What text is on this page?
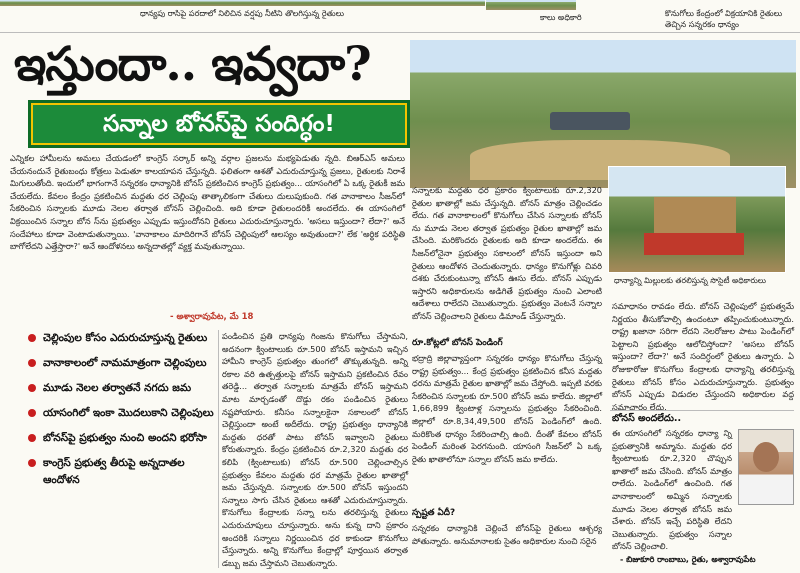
ధాన్యపు రాసిపై పరదాలో నిలిచిన వర్షపు నీటిని తొలగిస్తున్న రైతులు	కాలు అధికారి	కొనుగోలు కేంద్రంలో విక్రయానికి రైతులు తెచ్చిన సన్నరకం ధాన్యం
ఇస్తుందా.. ఇవ్వదా?
సన్నాల బోనస్‌పై సందిగ్ధం!

ఎన్నికల హామీలను అమలు చేయడంలో కాంగ్రెస్ సర్కార్ అన్ని వర్గాల ప్రజలను మభ్యపెడుతు న్నది. బిఆర్‌ఎస్ అమలు చేయనందునే రైతుబంధు కోత్రలు పెడుతూ కాలయాపన చేస్తున్నది. ఫలితంగా ఆశతో ఎదురుచూస్తున్న ప్రజలు, రైతులకు నిరాశే మిగులుతోంది. ఇందులో భాగంగానే సన్నరకం ధాన్యానికి బోనస్ ప్రకటించిన కాంగ్రెస్ ప్రభుత్వం... యాసంగిలో ఏ ఒక్క రైతుకీ జమ చేయలేదు. కేవలం కేంద్రం ప్రకటించిన మద్దతు ధర చెల్లింపు తాత్కాలికంగా చేతులు దులుపుకుంది. గత వానాకాలం సీజన్‌లో సేకరించిన సన్నాలకు మూడు నెలల తర్వాత బోనస్ చెల్లించింది. అది కూడా రైతులందరికీ అందలేదు. ఈ యాసంగిలో విక్రయించిన సన్నాల బోన స్‌ను ప్రభుత్వం ఎప్పుడు ఇస్తుందోనని రైతులు ఎదురుచూస్తున్నారు. 'అసలు ఇస్తుందా? లేదా?' అనే సందేహాలు కూడా వెంటాడుతున్నాయి. 'వానాకాలం మాదిరిగానే బోనస్ చెల్లింపులో ఆలస్యం అవుతుందా?' లేక 'అర్థిక పరిస్థితి బాగోలేదని ఎత్తేస్తారా?' అనే ఆందోళనలు అన్నదాతల్లో వ్యక్త మవుతున్నాయి.

- అశ్వారావుపేట, మే 18
ధాన్యాన్ని మిల్లులకు తరలిస్తున్న సొసైటీ అధికారులు
చెల్లింపుల కోసం ఎదురుచూస్తున్న రైతులు
వానాకాలంలో నామమాత్రంగా చెల్లింపులు
మూడు నెలల తర్వాతనే నగదు జమ
యాసంగిలో ఇంకా మొదలుకాని చెల్లింపులు
బోనస్‌పై ప్రభుత్వం నుంచి అందని భరోసా
కాంగ్రెస్ ప్రభుత్వ తీరుపై అన్నదాతల ఆందోళన
పండించిన ప్రతి ధాన్యపు గింజను కొనుగోలు చేస్తామని, అదనంగా క్వింటాలుకు రూ.500 బోనస్ ఇస్తామని ఇచ్చిన హామీని కాంగ్రెస్ ప్రభుత్వం తుంగలో తొక్కుతున్నది. అన్ని రకాల వరి ఉత్పత్తులపై బోనస్ ఇస్తామని ప్రకటించిన రేవం తరెడ్డి... తర్వాత సన్నాలకు మాత్రమే బోనస్ ఇస్తామని మాట మార్చడంతో దొడ్డు రకం పండించిన రైతులు నష్టపోయారు. కనీసం సన్నాలకైనా సకాలంలో బోనస్ చెల్లిస్తుందా అంటే అదీలేదు. రాష్ట్ర ప్రభుత్వం ధాన్యానికి మద్దతు ధరతో పాటు బోనస్ ఇవ్వాలని రైతులు కోరుతున్నారు. కేంద్రం ప్రకటించిన రూ.2,320 మద్దతు ధర కలిపి (క్వింటాలుకు) బోనస్ రూ.500 చెల్లించాల్సిన ప్రభుత్వం కేవలం మద్దతు ధర మాత్రమే రైతుల ఖాతాల్లో జమ చేస్తున్నది. సన్నాలకు రూ.500 బోనస్ ఇస్తుందని సన్నాలు సాగు చేసిన రైతులు ఆశతో ఎదురుచూస్తున్నారు. కొనుగోలు కేంద్రాలకు సన్నా లను తరలిస్తున్న రైతులు ఎదురుచూపులు చూస్తున్నారు. అను కున్న దాని ప్రకారం అందరికీ సన్నాలు నిర్ణయించిన ధర కాకుండా కొనుగోలు చేస్తున్నారు. అన్ని కొనుగోలు కేంద్రాల్లో పూర్తయిన తర్వాత డబ్బు జమ చేస్తామని చెబుతున్నారు.
సన్నాలకు మద్దతు ధర ప్రకారం క్వింటాలుకు రూ.2,320 రైతుల ఖాతాల్లో జమ చేస్తున్నది. బోనస్ మాత్రం చెల్లించడం లేదు. గత వానాకాలంలో కొనుగోలు చేసిన సన్నాలకు బోనస్ ను మూడు నెలల తర్వాత ప్రభుత్వం రైతుల ఖాతాల్లో జమ చేసింది. మరికొందరు రైతులకు అది కూడా అందలేదు. ఈ సీజన్‌లోనైనా ప్రభుత్వం సకాలంలో బోనస్ ఇస్తుందా అని రైతులు ఆందోళన చెందుతున్నారు. ధాన్యం కొనుగోళ్లు చివరి దశకు చేరుకుంటున్నా బోనస్ ఊసు లేదు. బోనస్ ఎప్పుడు ఇస్తారని అధికారులను అడిగితే ప్రభుత్వం నుంచి ఎలాంటి ఆదేశాలు రాలేదని చెబుతున్నారు. ప్రభుత్వం వెంటనే సన్నాల బోనస్ చెల్లించాలని రైతులు డిమాండ్ చేస్తున్నారు.
రూ.కోట్లలో బోనస్ పెండింగ్
భద్రాద్రి జిల్లావ్యాప్తంగా సన్నరకం ధాన్యం కొనుగోలు చేస్తున్న రాష్ట్ర ప్రభుత్వం... కేంద్ర ప్రభుత్వం ప్రకటించిన కనీస మద్దతు ధరను మాత్రమే రైతుల ఖాతాల్లో జమ చేస్తోంది. ఇప్పటి వరకు సేకరించిన సన్నాలకు రూ.500 బోనస్ జమ కాలేదు. జిల్లాలో 1,66,899 క్వింటాళ్ల సన్నాలను ప్రభుత్వం సేకరించింది. జిల్లాలో రూ.8,34,49,500 బోనస్ పెండింగ్‌లో ఉంది. మరికొంత ధాన్యం సేకరించాల్సి ఉంది. దీంతో కేవలం బోనస్ పెండింగ్ మరింత పెరగనుంది. యాసంగి సీజన్‌లో ఏ ఒక్క రైతు ఖాతాలోనూ సన్నాల బోనస్ జమ కాలేదు.
స్పష్టత ఏదీ?
సన్నరకం ధాన్యానికి చెల్లించే బోనస్‌పై రైతులు ఆశ్చర్య పోతున్నారు. అనుమానాలకు సైతం అధికారుల నుంచి సరైన
సమాధానం రావడం లేదు. బోనస్ చెల్లింపులో ప్రభుత్వమే నిర్ణయం తీసుకోవాల్సి ఉందంటూ తప్పించుకుంటున్నారు. రాష్ట్ర ఖజానా సరిగా లేదని నెలరోజుల పాటు పెండింగ్‌లో పెట్టాలని ప్రభుత్వం ఆలోచిస్తోందా? 'అసలు బోనస్ ఇస్తుందా? లేదా?' అనే సందిగ్ధంలో రైతులు ఉన్నారు. ఏ రోజుకారోజు కొనుగోలు కేంద్రాలకు ధాన్యాన్ని తరలిస్తున్న రైతులు బోనస్ కోసం ఎదురుచూస్తున్నారు. ప్రభుత్వం బోనస్ ఎప్పుడు విడుదల చేస్తుందని అధికారుల వద్ద సమాచారం లేదు.
బోనస్ అందలేదు..
ఈ యాసంగిలో సన్నరకం ధాన్యా న్ని ప్రభుత్వానికి అమ్మాను. మద్దతు ధర క్వింటాలుకు రూ.2,320 చొప్పున ఖాతాలో జమ చేసింది. బోనస్ మాత్రం రాలేదు. పెండింగ్‌లో ఉంచింది. గత వానాకాలంలో అమ్మిన సన్నాలకు మూడు నెలల తర్వాత బోనస్ జమ చేశారు. బోనస్ ఇచ్చే పరిస్థితి లేదని చెబుతున్నారు. ప్రభుత్వం సన్నాల బోనస్ చెల్లించాలి.
- బిజుకూరి రాంబాబు, రైతు, అశ్వారావుపేట
